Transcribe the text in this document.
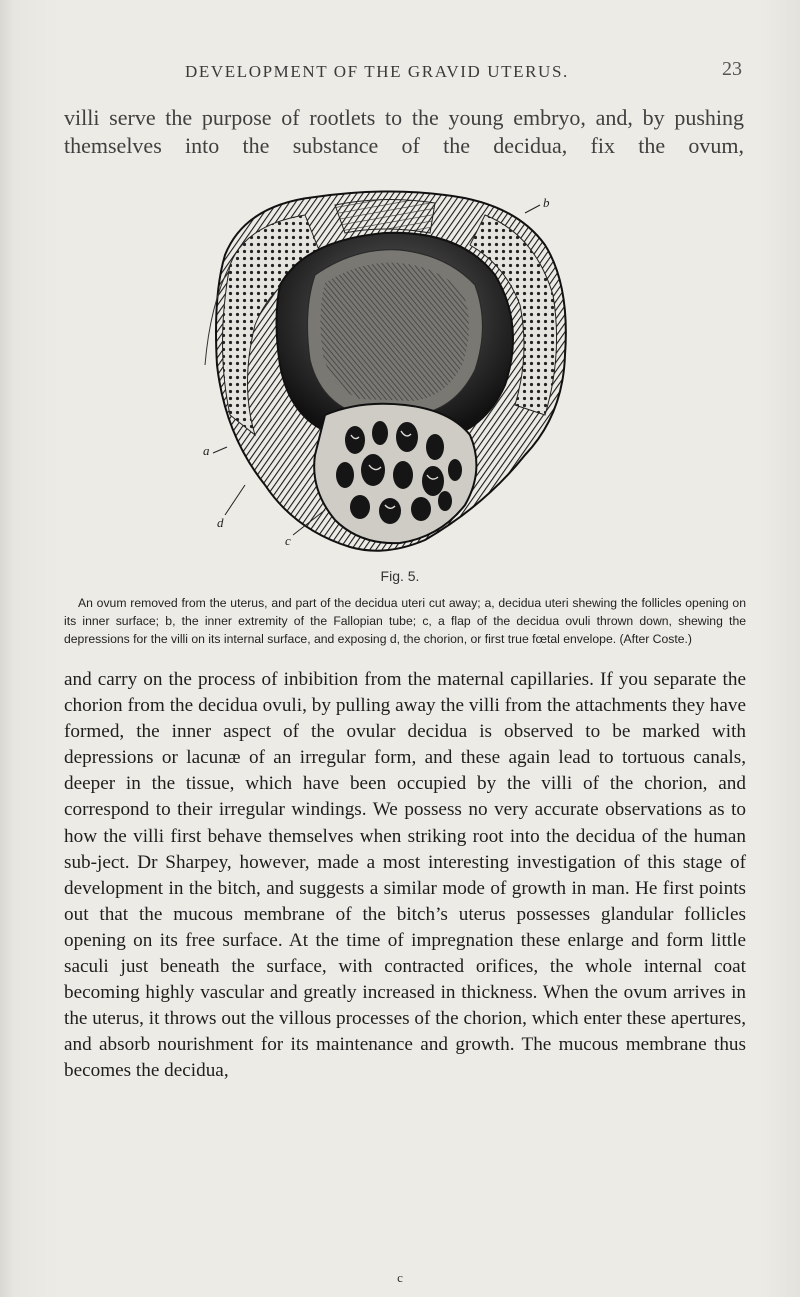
DEVELOPMENT OF THE GRAVID UTERUS.	23
villi serve the purpose of rootlets to the young embryo, and, by pushing themselves into the substance of the decidua, fix the ovum,
b
a
d
c
Fig. 5.
An ovum removed from the uterus, and part of the decidua uteri cut away; a, decidua uteri shewing the follicles opening on its inner surface; b, the inner extremity of the Fallopian tube; c, a flap of the decidua ovuli thrown down, shewing the depressions for the villi on its internal surface, and exposing d, the chorion, or first true fœtal envelope. (After Coste.)

and carry on the process of inbibition from the maternal capillaries. If you separate the chorion from the decidua ovuli, by pulling away the villi from the attachments they have formed, the inner aspect of the ovular decidua is observed to be marked with depressions or lacunæ of an irregular form, and these again lead to tortuous canals, deeper in the tissue, which have been occupied by the villi of the chorion, and correspond to their irregular windings. We possess no very accurate observations as to how the villi first behave themselves when striking root into the decidua of the human sub-ject. Dr Sharpey, however, made a most interesting investigation of this stage of development in the bitch, and suggests a similar mode of growth in man. He first points out that the mucous membrane of the bitch’s uterus possesses glandular follicles opening on its free surface. At the time of impregnation these enlarge and form little saculi just beneath the surface, with contracted orifices, the whole internal coat becoming highly vascular and greatly increased in thickness. When the ovum arrives in the uterus, it throws out the villous processes of the chorion, which enter these apertures, and absorb nourishment for its maintenance and growth. The mucous membrane thus becomes the decidua,

c
